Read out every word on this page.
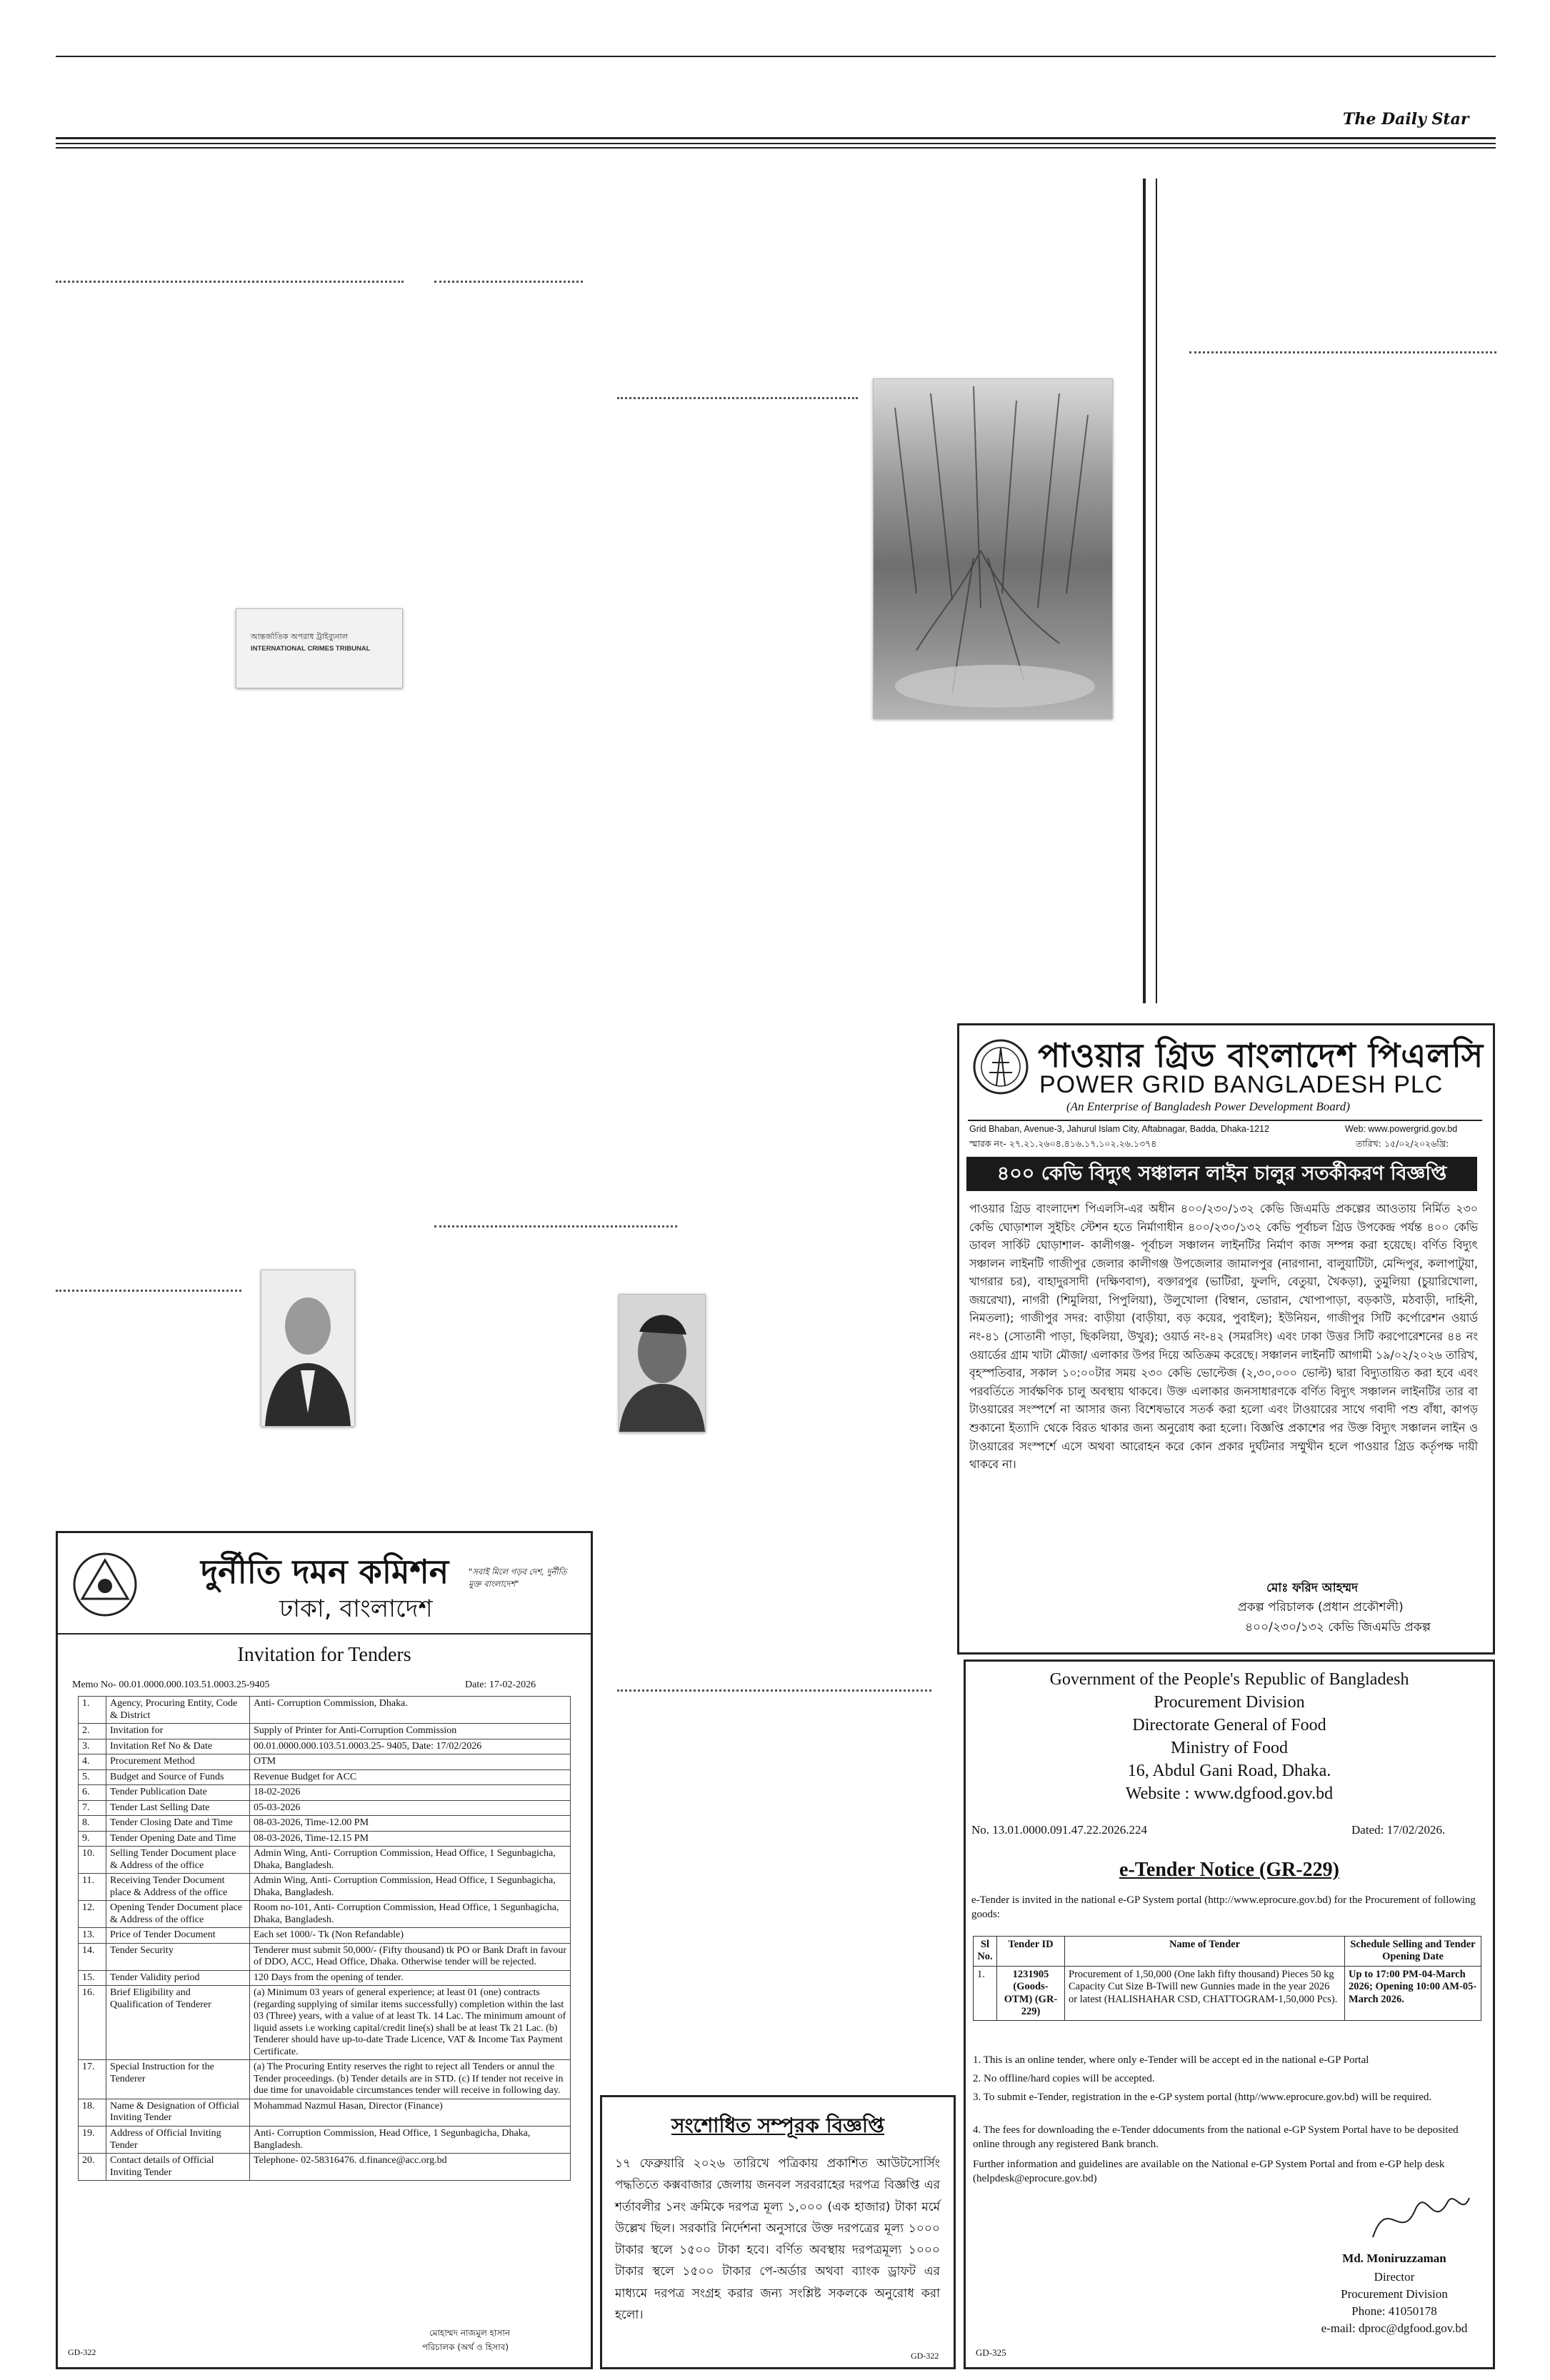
The Daily Star
আন্তর্জাতিক অপরাধ ট্রাইব্যুনাল
INTERNATIONAL CRIMES TRIBUNAL
পাওয়ার গ্রিড বাংলাদেশ পিএলসি
POWER GRID BANGLADESH PLC
(An Enterprise of Bangladesh Power Development Board)
Grid Bhaban, Avenue-3, Jahurul Islam City, Aftabnagar, Badda, Dhaka-1212	Web: www.powergrid.gov.bd
স্মারক নং- ২৭.২১.২৬০৪.৪১৬.১৭.১০২.২৬.১৩৭৪	তারিখ: ১৫/০২/২০২৬খ্রি:
৪০০ কেভি বিদ্যুৎ সঞ্চালন লাইন চালুর সতর্কীকরণ বিজ্ঞপ্তি
পাওয়ার গ্রিড বাংলাদেশ পিএলসি-এর অধীন ৪০০/২৩০/১৩২ কেভি জিএমডি প্রকল্পের আওতায় নির্মিত ২৩০ কেভি ঘোড়াশাল সুইচিং স্টেশন হতে নির্মাণাধীন ৪০০/২৩০/১৩২ কেভি পূর্বাচল গ্রিড উপকেন্দ্র পর্যন্ত ৪০০ কেভি ডাবল সার্কিট ঘোড়াশাল- কালীগঞ্জ- পূর্বাচল সঞ্চালন লাইনটির নির্মাণ কাজ সম্পন্ন করা হয়েছে। বর্ণিত বিদ্যুৎ সঞ্চালন লাইনটি গাজীপুর জেলার কালীগঞ্জ উপজেলার জামালপুর (নারগানা, বালুয়াটিটা, মেন্দিপুর, কলাপাটুয়া, খাগরার চর), বাহাদুরসাদী (দক্ষিণবাগ), বক্তারপুর (ভাটিরা, ফুলদি, বেতুয়া, খৈকড়া), তুমুলিয়া (চুয়ারিখোলা, জয়রেখা), নাগরী (শিমুলিয়া, পিপুলিয়া), উলুখোলা (বিম্বান, ভোরান, খোপাপাড়া, বড়কাউ, মঠবাড়ী, দাহিনী, নিমতলা); গাজীপুর সদর: বাড়ীয়া (বাড়ীয়া, বড় কয়ের, পুবাইল); ইউনিয়ন, গাজীপুর সিটি কর্পোরেশন ওয়ার্ড নং-৪১ (সোতানী পাড়া, ছিকলিয়া, উখুর); ওয়ার্ড নং-৪২ (সমরসিং) এবং ঢাকা উত্তর সিটি করপোরেশনের ৪৪ নং ওয়ার্ডের গ্রাম খাটা মৌজা/ এলাকার উপর দিয়ে অতিক্রম করেছে। সঞ্চালন লাইনটি আগামী ১৯/০২/২০২৬ তারিখ, বৃহস্পতিবার, সকাল ১০:০০টার সময় ২৩০ কেভি ভোল্টেজ (২,৩০,০০০ ভোল্ট) দ্বারা বিদ্যুতায়িত করা হবে এবং পরবর্তিতে সার্বক্ষণিক চালু অবস্থায় থাকবে। উক্ত এলাকার জনসাধারণকে বর্ণিত বিদ্যুৎ সঞ্চালন লাইনটির তার বা টাওয়ারের সংস্পর্শে না আসার জন্য বিশেষভাবে সতর্ক করা হলো এবং টাওয়ারের সাথে গবাদী পশু বাঁধা, কাপড় শুকানো ইত্যাদি থেকে বিরত থাকার জন্য অনুরোধ করা হলো। বিজ্ঞপ্তি প্রকাশের পর উক্ত বিদ্যুৎ সঞ্চালন লাইন ও টাওয়ারের সংস্পর্শে এসে অথবা আরোহন করে কোন প্রকার দুর্ঘটনার সম্মুখীন হলে পাওয়ার গ্রিড কর্তৃপক্ষ দায়ী থাকবে না।
মোঃ ফরিদ আহম্মদ
প্রকল্প পরিচালক (প্রধান প্রকৌশলী)
৪০০/২৩০/১৩২ কেভি জিএমডি প্রকল্প
দুর্নীতি দমন কমিশন
ঢাকা, বাংলাদেশ
"সবাই মিলে গড়ব দেশ, দুর্নীতি মুক্ত বাংলাদেশ"
Invitation for Tenders
Memo No- 00.01.0000.000.103.51.0003.25-9405	Date: 17-02-2026
1.	Agency, Procuring Entity, Code & District	Anti- Corruption Commission, Dhaka.
2.	Invitation for	Supply of Printer for Anti-Corruption Commission
3.	Invitation Ref No & Date	00.01.0000.000.103.51.0003.25- 9405, Date: 17/02/2026
4.	Procurement Method	OTM
5.	Budget and Source of Funds	Revenue Budget for ACC
6.	Tender Publication Date	18-02-2026
7.	Tender Last Selling Date	05-03-2026
8.	Tender Closing Date and Time	08-03-2026, Time-12.00 PM
9.	Tender Opening Date and Time	08-03-2026, Time-12.15 PM
10.	Selling Tender Document place & Address of the office	Admin Wing, Anti- Corruption Commission, Head Office, 1 Segunbagicha, Dhaka, Bangladesh.
11.	Receiving Tender Document place & Address of the office	Admin Wing, Anti- Corruption Commission, Head Office, 1 Segunbagicha, Dhaka, Bangladesh.
12.	Opening Tender Document place & Address of the office	Room no-101, Anti- Corruption Commission, Head Office, 1 Segunbagicha, Dhaka, Bangladesh.
13.	Price of Tender Document	Each set 1000/- Tk (Non Refandable)
14.	Tender Security	Tenderer must submit 50,000/- (Fifty thousand) tk PO or Bank Draft in favour of DDO, ACC, Head Office, Dhaka. Otherwise tender will be rejected.
15.	Tender Validity period	120 Days from the opening of tender.
16.	Brief Eligibility and Qualification of Tenderer	(a) Minimum 03 years of general experience; at least 01 (one) contracts (regarding supplying of similar items successfully) completion within the last 03 (Three) years, with a value of at least Tk. 14 Lac. The minimum amount of liquid assets i.e working capital/credit line(s) shall be at least Tk 21 Lac. (b) Tenderer should have up-to-date Trade Licence, VAT & Income Tax Payment Certificate.
17.	Special Instruction for the Tenderer	(a) The Procuring Entity reserves the right to reject all Tenders or annul the Tender proceedings. (b) Tender details are in STD. (c) If tender not receive in due time for unavoidable circumstances tender will receive in following day.
18.	Name & Designation of Official Inviting Tender	Mohammad Nazmul Hasan, Director (Finance)
19.	Address of Official Inviting Tender	Anti- Corruption Commission, Head Office, 1 Segunbagicha, Dhaka, Bangladesh.
20.	Contact details of Official Inviting Tender	Telephone- 02-58316476. d.finance@acc.org.bd
মোহাম্মদ নাজমুল হাসান
পরিচালক (অর্থ ও হিসাব)
GD-322
সংশোধিত সম্পূরক বিজ্ঞপ্তি
১৭ ফেব্রুয়ারি ২০২৬ তারিখে পত্রিকায় প্রকাশিত আউটসোর্সিং পদ্ধতিতে কক্সবাজার জেলায় জনবল সরবরাহের দরপত্র বিজ্ঞপ্তি এর শর্তাবলীর ১নং ক্রমিকে দরপত্র মূল্য ১,০০০ (এক হাজার) টাকা মর্মে উল্লেখ ছিল। সরকারি নির্দেশনা অনুসারে উক্ত দরপত্রের মূল্য ১০০০ টাকার স্থলে ১৫০০ টাকা হবে। বর্ণিত অবস্থায় দরপত্রমূল্য ১০০০ টাকার স্থলে ১৫০০ টাকার পে-অর্ডার অথবা ব্যাংক ড্রাফট এর মাধ্যমে দরপত্র সংগ্রহ করার জন্য সংশ্লিষ্ট সকলকে অনুরোধ করা হলো।
GD-322
Government of the People's Republic of Bangladesh
Procurement Division
Directorate General of Food
Ministry of Food
16, Abdul Gani Road, Dhaka.
Website : www.dgfood.gov.bd
No. 13.01.0000.091.47.22.2026.224	Dated: 17/02/2026.
e-Tender Notice (GR-229)
e-Tender is invited in the national e-GP System portal (http://www.eprocure.gov.bd) for the Procurement of following goods:
Sl No.	Tender ID	Name of Tender	Schedule Selling and Tender Opening Date
1.	1231905 (Goods-OTM) (GR-229)	Procurement of 1,50,000 (One lakh fifty thousand) Pieces 50 kg Capacity Cut Size B-Twill new Gunnies made in the year 2026 or latest (HALISHAHAR CSD, CHATTOGRAM-1,50,000 Pcs).	Up to 17:00 PM-04-March 2026; Opening 10:00 AM-05- March 2026.
1. This is an online tender, where only e-Tender will be accept ed in the national e-GP Portal
2. No offline/hard copies will be accepted.
3. To submit e-Tender, registration in the e-GP system portal (http//www.eprocure.gov.bd) will be required.
4. The fees for downloading the e-Tender ddocuments from the national e-GP System Portal have to be deposited online through any registered Bank branch.
Further information and guidelines are available on the National e-GP System Portal and from e-GP help desk (helpdesk@eprocure.gov.bd)
Md. Moniruzzaman
Director
Procurement Division
Phone: 41050178
e-mail: dproc@dgfood.gov.bd
GD-325
